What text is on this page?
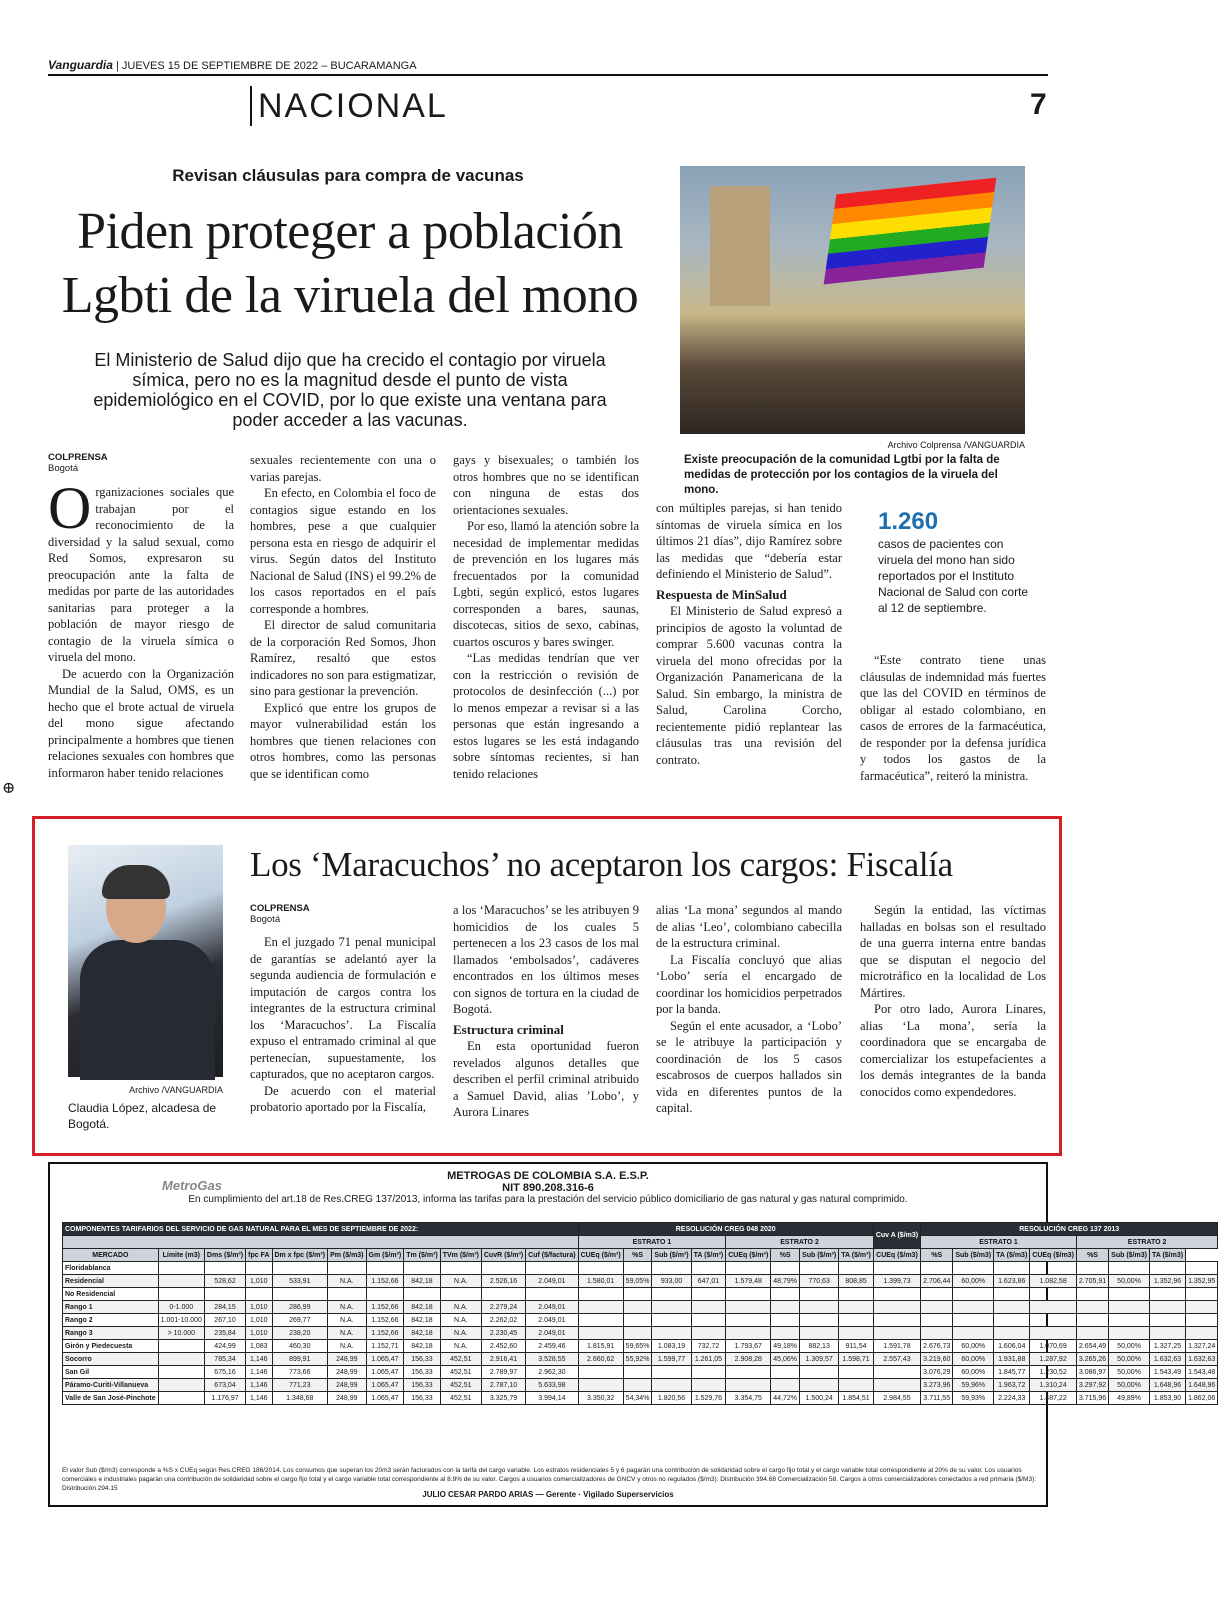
Vanguardia | JUEVES 15 DE SEPTIEMBRE DE 2022 – BUCARAMANGA
NACIONAL	7
Revisan cláusulas para compra de vacunas
Piden proteger a población Lgbti de la viruela del mono
El Ministerio de Salud dijo que ha crecido el contagio por viruela símica, pero no es la magnitud desde el punto de vista epidemiológico en el COVID, por lo que existe una ventana para poder acceder a las vacunas.
Archivo Colprensa /VANGUARDIA
Existe preocupación de la comunidad Lgtbi por la falta de medidas de protección por los contagios de la viruela del mono.
COLPRENSA
Bogotá

Organizaciones sociales que trabajan por el reconocimiento de la diversidad y la salud sexual, como Red Somos, expresaron su preocupación ante la falta de medidas por parte de las autoridades sanitarias para proteger a la población de mayor riesgo de contagio de la viruela símica o viruela del mono.

De acuerdo con la Organización Mundial de la Salud, OMS, es un hecho que el brote actual de viruela del mono sigue afectando principalmente a hombres que tienen relaciones sexuales con hombres que informaron haber tenido relaciones

sexuales recientemente con una o varias parejas.

En efecto, en Colombia el foco de contagios sigue estando en los hombres, pese a que cualquier persona esta en riesgo de adquirir el virus. Según datos del Instituto Nacional de Salud (INS) el 99.2% de los casos reportados en el país corresponde a hombres.

El director de salud comunitaria de la corporación Red Somos, Jhon Ramírez, resaltó que estos indicadores no son para estigmatizar, sino para gestionar la prevención.

Explicó que entre los grupos de mayor vulnerabilidad están los hombres que tienen relaciones con otros hombres, como las personas que se identifican como

gays y bisexuales; o también los otros hombres que no se identifican con ninguna de estas dos orientaciones sexuales.

Por eso, llamó la atención sobre la necesidad de implementar medidas de prevención en los lugares más frecuentados por la comunidad Lgbti, según explicó, estos lugares corresponden a bares, saunas, discotecas, sitios de sexo, cabinas, cuartos oscuros y bares swinger.

“Las medidas tendrían que ver con la restricción o revisión de protocolos de desinfección (...) por lo menos empezar a revisar si a las personas que están ingresando a estos lugares se les está indagando sobre síntomas recientes, si han tenido relaciones

con múltiples parejas, si han tenido síntomas de viruela símica en los últimos 21 días”, dijo Ramírez sobre las medidas que “debería estar definiendo el Ministerio de Salud”.

Respuesta de MinSalud

El Ministerio de Salud expresó a principios de agosto la voluntad de comprar 5.600 vacunas contra la viruela del mono ofrecidas por la Organización Panamericana de la Salud. Sin embargo, la ministra de Salud, Carolina Corcho, recientemente pidió replantear las cláusulas tras una revisión del contrato.

1.260
casos de pacientes con viruela del mono han sido reportados por el Instituto Nacional de Salud con corte al 12 de septiembre.

“Este contrato tiene unas cláusulas de indemnidad más fuertes que las del COVID en términos de obligar al estado colombiano, en casos de errores de la farmacéutica, de responder por la defensa jurídica y todos los gastos de la farmacéutica”, reiteró la ministra.

⊕
Archivo /VANGUARDIA
Claudia López, alcadesa de Bogotá.
Los ‘Maracuchos’ no aceptaron los cargos: Fiscalía
COLPRENSA
Bogotá

En el juzgado 71 penal municipal de garantías se adelantó ayer la segunda audiencia de formulación e imputación de cargos contra los integrantes de la estructura criminal los ‘Maracuchos’. La Fiscalía expuso el entramado criminal al que pertenecían, supuestamente, los capturados, que no aceptaron cargos.

De acuerdo con el material probatorio aportado por la Fiscalía,

a los ‘Maracuchos’ se les atribuyen 9 homicidios de los cuales 5 pertenecen a los 23 casos de los mal llamados ‘embolsados’, cadáveres encontrados en los últimos meses con signos de tortura en la ciudad de Bogotá.

Estructura criminal

En esta oportunidad fueron revelados algunos detalles que describen el perfil criminal atribuido a Samuel David, alias ’Lobo’, y Aurora Linares

alias ‘La mona’ segundos al mando de alias ‘Leo’, colombiano cabecilla de la estructura criminal.

La Fiscalía concluyó que alias ‘Lobo’ sería el encargado de coordinar los homicidios perpetrados por la banda.

Según el ente acusador, a ‘Lobo’ se le atribuye la participación y coordinación de los 5 casos escabrosos de cuerpos hallados sin vida en diferentes puntos de la capital.

Según la entidad, las víctimas halladas en bolsas son el resultado de una guerra interna entre bandas que se disputan el negocio del microtráfico en la localidad de Los Mártires.

Por otro lado, Aurora Linares, alias ‘La mona’, sería la coordinadora que se encargaba de comercializar los estupefacientes a los demás integrantes de la banda conocidos como expendedores.

MetroGas
METROGAS DE COLOMBIA S.A. E.S.P.
NIT 890.208.316-6
En cumplimiento del art.18 de Res.CREG 137/2013, informa las tarifas para la prestación del servicio público domiciliario de gas natural y gas natural comprimido.
COMPONENTES TARIFARIOS DEL SERVICIO DE GAS NATURAL PARA EL MES DE SEPTIEMBRE DE 2022:											RESOLUCIÓN CREG 048 2020								Cuv A ($/m3)	RESOLUCIÓN CREG 137 2013							
											ESTRATO 1				ESTRATO 2					ESTRATO 1				ESTRATO 2			
MERCADO	Límite (m3)	Dms ($/m³)	fpc FA	Dm x fpc ($/m³)	Pm ($/m3)	Gm ($/m³)	Tm ($/m³)	TVm ($/m³)	CuvR ($/m³)	Cuf ($/factura)	CUEq ($/m³)	%S	Sub ($/m³)	TA ($/m³)	CUEq ($/m³)	%S	Sub ($/m³)	TA ($/m³)	CUEq ($/m3)	%S	Sub ($/m3)	TA ($/m3)	CUEq ($/m3)	%S	Sub ($/m3)	TA ($/m3)	
Floridablanca																											
Residencial		528,62	1,010	533,91	N.A.	1.152,66	842,18	N.A.	2.526,16	2.049,01	1.580,01	59,05%	933,00	647,01	1.579,48	48,79%	770,63	808,85	1.399,73	2.706,44	60,00%	1.623,86	1.082,58	2.705,91	50,00%	1.352,96	1.352,95
No Residencial																											
Rango 1	0-1.000	284,15	1,010	286,99	N.A.	1.152,66	842,18	N.A.	2.279,24	2.049,01																	
Rango 2	1.001-10.000	267,10	1,010	269,77	N.A.	1.152,66	842,18	N.A.	2.262,02	2.049,01																	
Rango 3	> 10.000	235,84	1,010	238,20	N.A.	1.152,66	842,18	N.A.	2.230,45	2.049,01																	
Girón y Piedecuesta		424,99	1,083	460,30	N.A.	1.152,71	842,18	N.A.	2.452,60	2.459,46	1.815,91	59,65%	1.083,19	732,72	1.793,67	49,18%	882,13	911,54	1.591,78	2.676,73	60,00%	1.606,04	1.070,69	2.654,49	50,00%	1.327,25	1.327,24
Socorro		785,34	1,146	899,91	248,99	1.065,47	156,33	452,51	2.916,41	3.528,55	2.660,62	55,92%	1.599,77	1.261,05	2.908,28	45,06%	1.309,57	1.598,71	2.557,43	3.219,60	60,00%	1.931,88	1.287,92	3.265,26	50,00%	1.632,63	1.632,63
San Gil		675,16	1,146	773,66	248,99	1.065,47	156,33	452,51	2.789,97	2.962,30										3.076,29	60,00%	1.845,77	1.230,52	3.086,97	50,00%	1.543,49	1.543,48
Páramo-Curití-Villanueva		673,04	1,146	771,23	248,99	1.065,47	156,33	452,51	2.787,10	5.633,98										3.273,96	59,96%	1.963,72	1.310,24	3.297,92	50,00%	1.648,96	1.648,96
Valle de San José-Pinchote		1.176,97	1,146	1.348,68	248,99	1.065,47	156,33	452,51	3.325,79	3.994,14	3.350,32	54,34%	1.820,56	1.529,76	3.354,75	44,72%	1.500,24	1.854,51	2.984,55	3.711,55	59,93%	2.224,33	1.487,22	3.715,96	49,89%	1.853,90	1.862,06
El valor Sub ($/m3) corresponde a %S x CUEq según Res.CREG 186/2014. Los consumos que superan los 20m3 serán facturados con la tarifa del cargo variable. Los estratos residenciales 5 y 6 pagarán una contribución de solidaridad sobre el cargo fijo total y el cargo variable total correspondiente al 20% de su valor. Los usuarios comerciales e industriales pagarán una contribución de solidaridad sobre el cargo fijo total y el cargo variable total correspondiente al 8.9% de su valor. Cargos a usuarios comercializadores de GNCV y otros no regulados ($/m3): Distribución 394.68 Comercialización 58. Cargos a otros comercializadores conectados a red primaria ($/M3): Distribución 294.15
JULIO CESAR PARDO ARIAS — Gerente · Vigilado Superservicios
